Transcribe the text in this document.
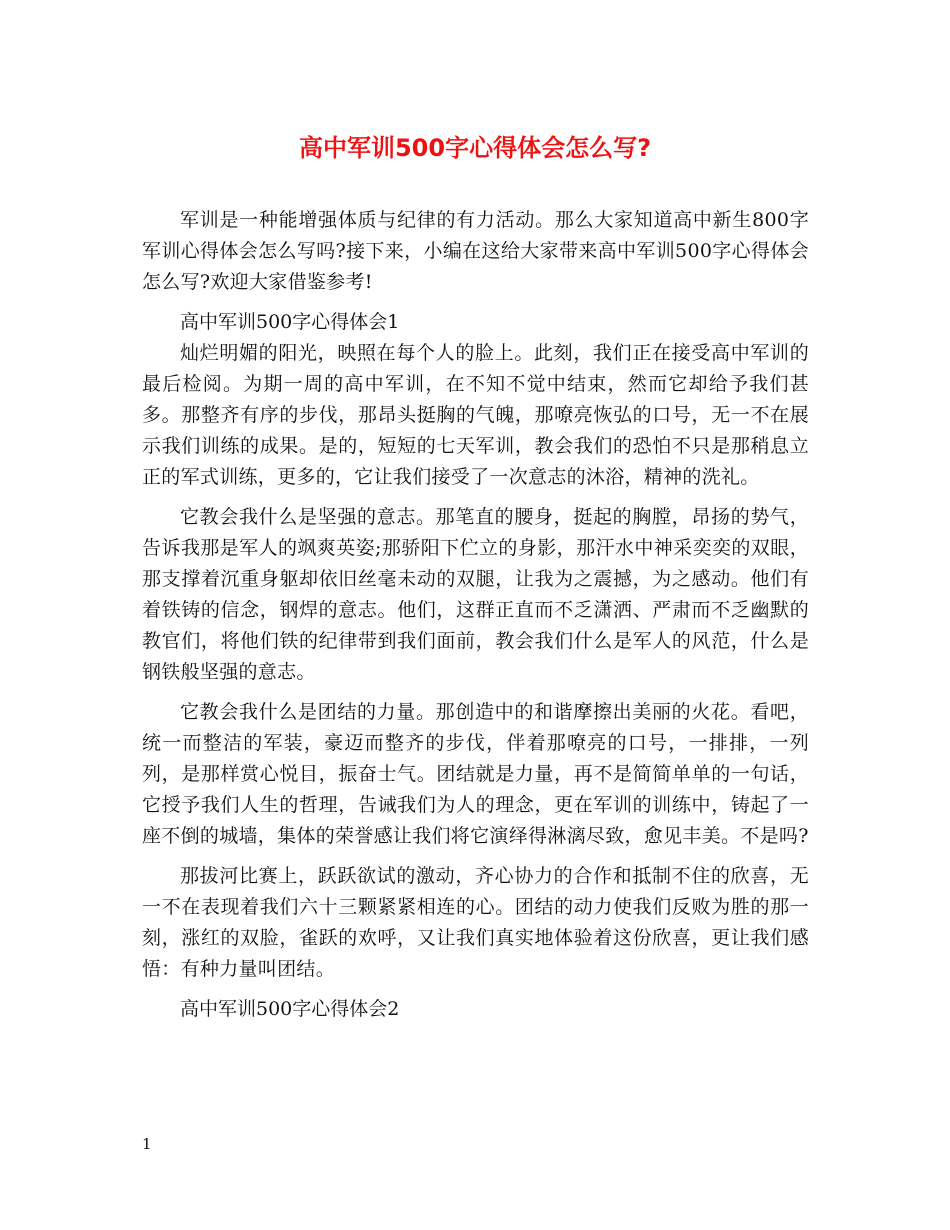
高中军训500字心得体会怎么写?

军训是一种能增强体质与纪律的有力活动。那么大家知道高中新生800字军训心得体会怎么写吗?接下来，小编在这给大家带来高中军训500字心得体会怎么写?欢迎大家借鉴参考!

高中军训500字心得体会1

灿烂明媚的阳光，映照在每个人的脸上。此刻，我们正在接受高中军训的最后检阅。为期一周的高中军训，在不知不觉中结束，然而它却给予我们甚多。那整齐有序的步伐，那昂头挺胸的气魄，那嘹亮恢弘的口号，无一不在展示我们训练的成果。是的，短短的七天军训，教会我们的恐怕不只是那稍息立正的军式训练，更多的，它让我们接受了一次意志的沐浴，精神的洗礼。

它教会我什么是坚强的意志。那笔直的腰身，挺起的胸膛，昂扬的势气，告诉我那是军人的飒爽英姿;那骄阳下伫立的身影，那汗水中神采奕奕的双眼，那支撑着沉重身躯却依旧丝毫未动的双腿，让我为之震撼，为之感动。他们有着铁铸的信念，钢焊的意志。他们，这群正直而不乏潇洒、严肃而不乏幽默的教官们，将他们铁的纪律带到我们面前，教会我们什么是军人的风范，什么是钢铁般坚强的意志。

它教会我什么是团结的力量。那创造中的和谐摩擦出美丽的火花。看吧，统一而整洁的军装，豪迈而整齐的步伐，伴着那嘹亮的口号，一排排，一列列，是那样赏心悦目，振奋士气。团结就是力量，再不是简简单单的一句话，它授予我们人生的哲理，告诫我们为人的理念，更在军训的训练中，铸起了一座不倒的城墙，集体的荣誉感让我们将它演绎得淋漓尽致，愈见丰美。不是吗?

那拔河比赛上，跃跃欲试的激动，齐心协力的合作和抵制不住的欣喜，无一不在表现着我们六十三颗紧紧相连的心。团结的动力使我们反败为胜的那一刻，涨红的双脸，雀跃的欢呼，又让我们真实地体验着这份欣喜，更让我们感悟：有种力量叫团结。

高中军训500字心得体会2

1
